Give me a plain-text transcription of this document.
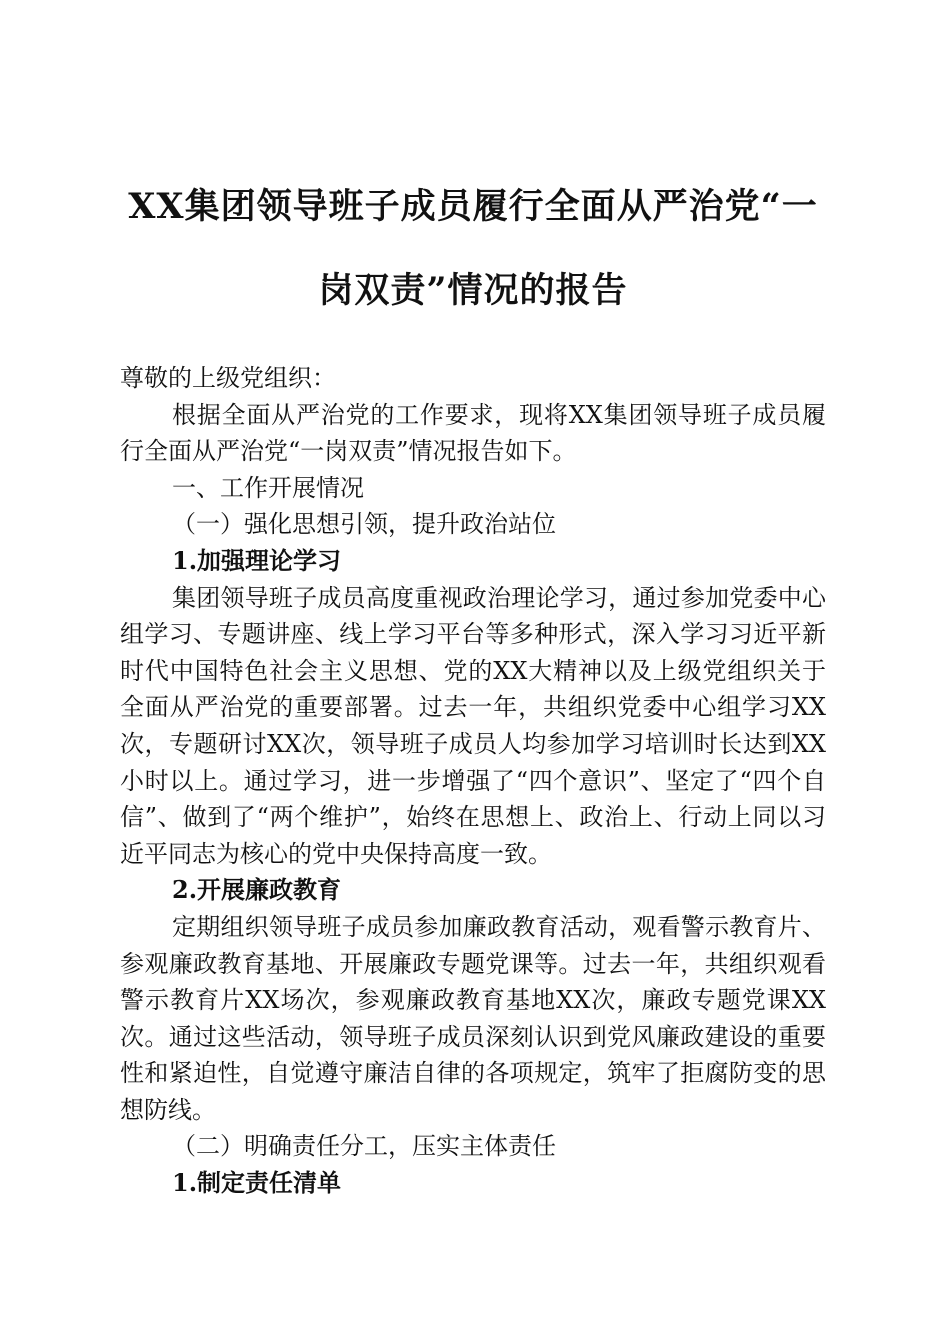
XX集团领导班子成员履行全面从严治党“一
岗双责”情况的报告

尊敬的上级党组织：

根据全面从严治党的工作要求，现将XX集团领导班子成员履行全面从严治党“一岗双责”情况报告如下。

一、工作开展情况

（一）强化思想引领，提升政治站位

1.加强理论学习

集团领导班子成员高度重视政治理论学习，通过参加党委中心组学习、专题讲座、线上学习平台等多种形式，深入学习习近平新时代中国特色社会主义思想、党的XX大精神以及上级党组织关于全面从严治党的重要部署。过去一年，共组织党委中心组学习XX次，专题研讨XX次，领导班子成员人均参加学习培训时长达到XX小时以上。通过学习，进一步增强了“四个意识”、坚定了“四个自信”、做到了“两个维护”，始终在思想上、政治上、行动上同以习近平同志为核心的党中央保持高度一致。

2.开展廉政教育

定期组织领导班子成员参加廉政教育活动，观看警示教育片、参观廉政教育基地、开展廉政专题党课等。过去一年，共组织观看警示教育片XX场次，参观廉政教育基地XX次，廉政专题党课XX次。通过这些活动，领导班子成员深刻认识到党风廉政建设的重要性和紧迫性，自觉遵守廉洁自律的各项规定，筑牢了拒腐防变的思想防线。

（二）明确责任分工，压实主体责任

1.制定责任清单
